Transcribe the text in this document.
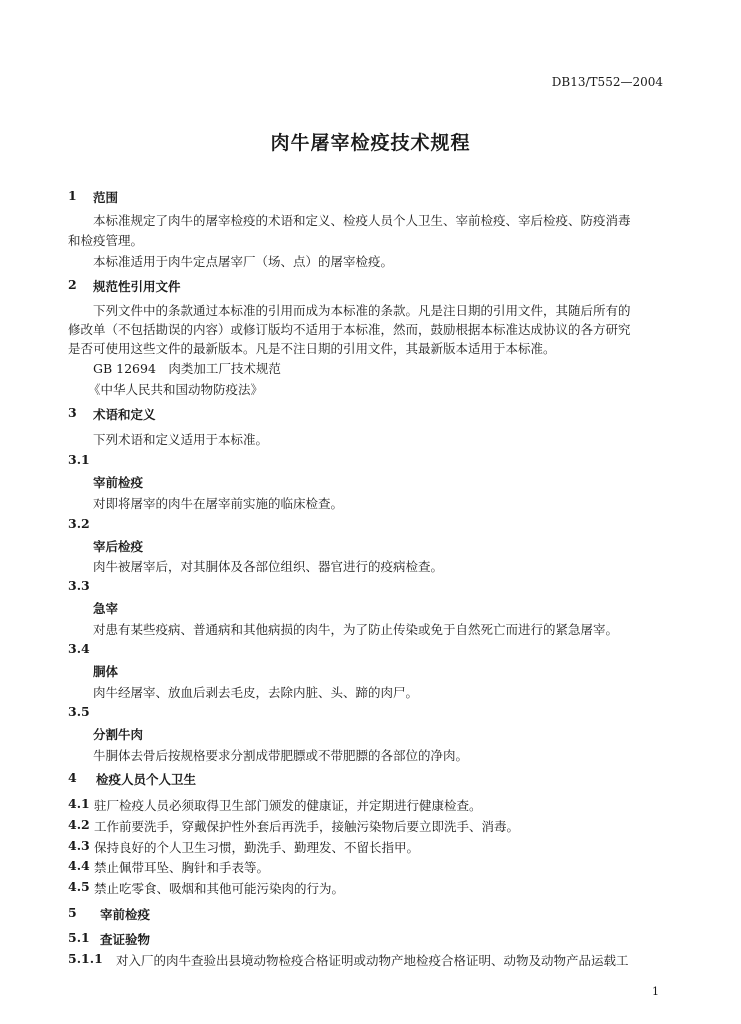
DB13/T552—2004
肉牛屠宰检疫技术规程
1 范围
本标准规定了肉牛的屠宰检疫的术语和定义、检疫人员个人卫生、宰前检疫、宰后检疫、防疫消毒
和检疫管理。
本标准适用于肉牛定点屠宰厂（场、点）的屠宰检疫。
2 规范性引用文件
下列文件中的条款通过本标准的引用而成为本标准的条款。凡是注日期的引用文件，其随后所有的
修改单（不包括勘误的内容）或修订版均不适用于本标准，然而，鼓励根据本标准达成协议的各方研究
是否可使用这些文件的最新版本。凡是不注日期的引用文件，其最新版本适用于本标准。
GB 12694　肉类加工厂技术规范
《中华人民共和国动物防疫法》
3 术语和定义
下列术语和定义适用于本标准。
3.1
宰前检疫
对即将屠宰的肉牛在屠宰前实施的临床检查。
3.2
宰后检疫
肉牛被屠宰后，对其胴体及各部位组织、器官进行的疫病检查。
3.3
急宰
对患有某些疫病、普通病和其他病损的肉牛，为了防止传染或免于自然死亡而进行的紧急屠宰。
3.4
胴体
肉牛经屠宰、放血后剥去毛皮，去除内脏、头、蹄的肉尸。
3.5
分割牛肉
牛胴体去骨后按规格要求分割成带肥膘或不带肥膘的各部位的净肉。
4 检疫人员个人卫生
4.1 驻厂检疫人员必须取得卫生部门颁发的健康证，并定期进行健康检查。
4.2 工作前要洗手，穿戴保护性外套后再洗手，接触污染物后要立即洗手、消毒。
4.3 保持良好的个人卫生习惯，勤洗手、勤理发、不留长指甲。
4.4 禁止佩带耳坠、胸针和手表等。
4.5 禁止吃零食、吸烟和其他可能污染肉的行为。
5 宰前检疫
5.1 查证验物
5.1.1 对入厂的肉牛查验出县境动物检疫合格证明或动物产地检疫合格证明、动物及动物产品运载工
1
